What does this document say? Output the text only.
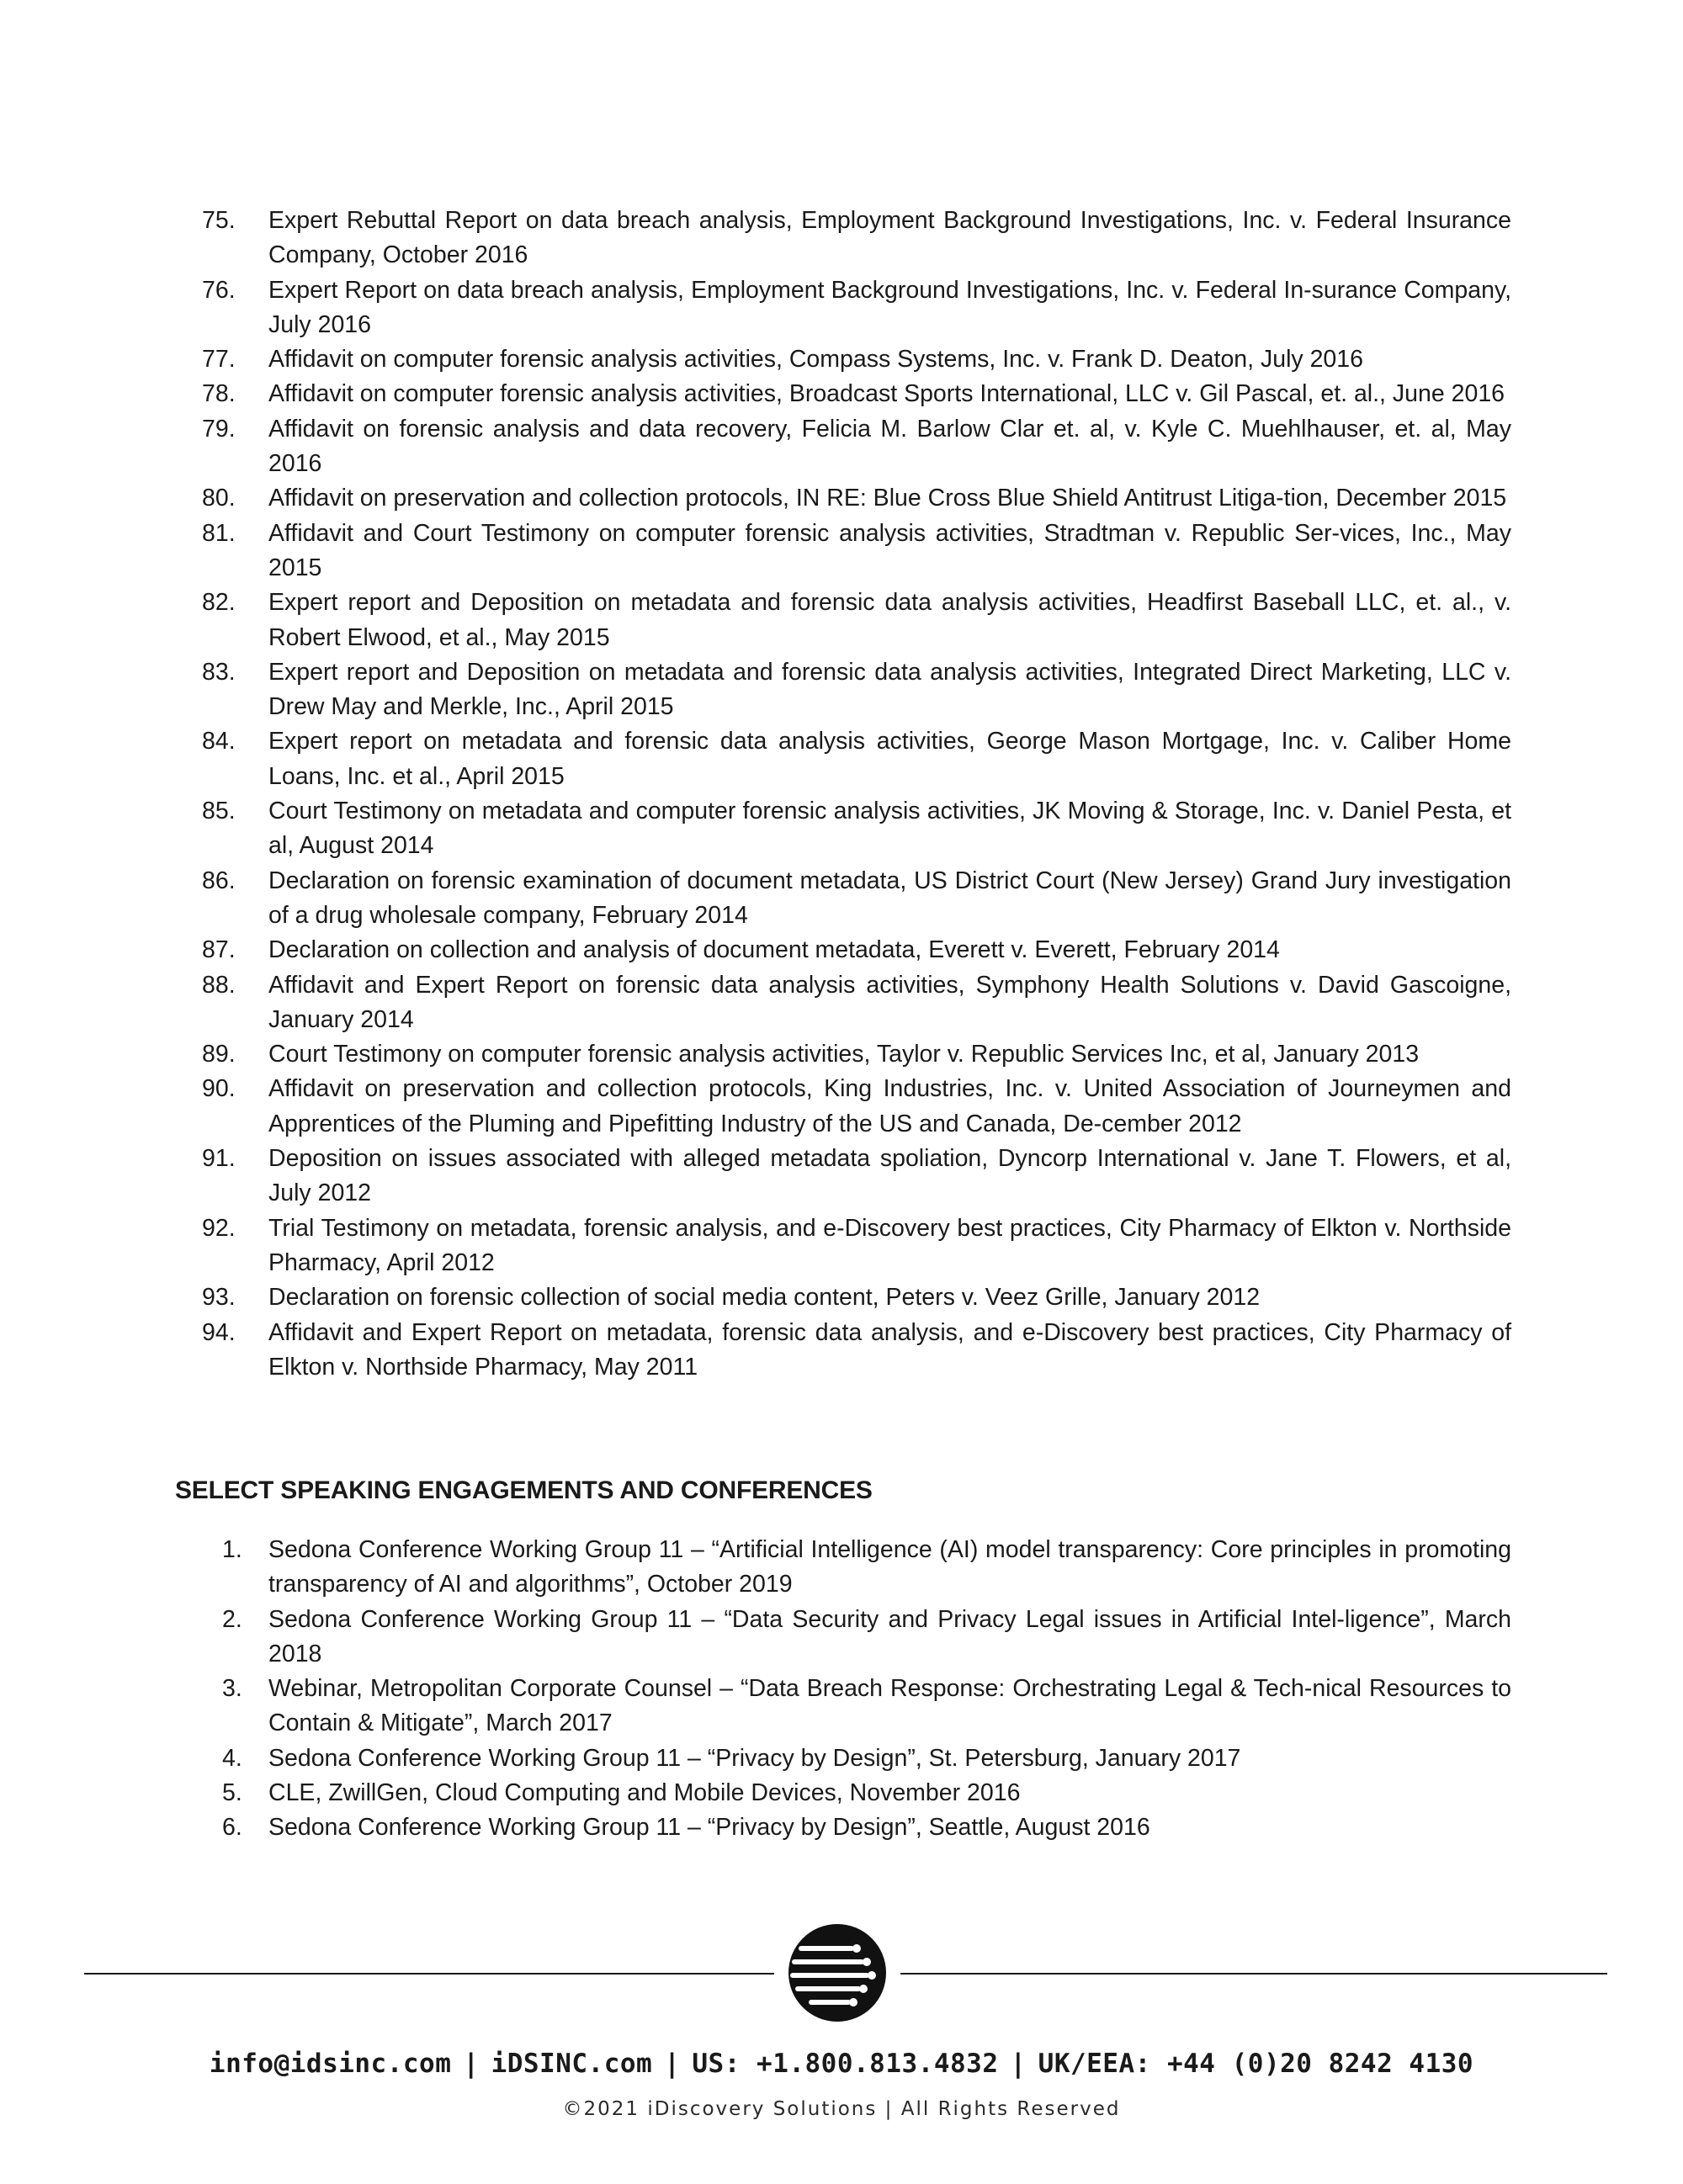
75.	Expert Rebuttal Report on data breach analysis, Employment Background Investigations, Inc. v. Federal Insurance Company, October 2016
76.	Expert Report on data breach analysis, Employment Background Investigations, Inc. v. Federal In-surance Company, July 2016
77.	Affidavit on computer forensic analysis activities, Compass Systems, Inc. v. Frank D. Deaton, July 2016
78.	Affidavit on computer forensic analysis activities, Broadcast Sports International, LLC v. Gil Pascal, et. al., June 2016
79.	Affidavit on forensic analysis and data recovery, Felicia M. Barlow Clar et. al, v. Kyle C. Muehlhauser, et. al, May 2016
80.	Affidavit on preservation and collection protocols, IN RE: Blue Cross Blue Shield Antitrust Litiga-tion, December 2015
81.	Affidavit and Court Testimony on computer forensic analysis activities, Stradtman v. Republic Ser-vices, Inc., May 2015
82.	Expert report and Deposition on metadata and forensic data analysis activities, Headfirst Baseball LLC, et. al., v. Robert Elwood, et al., May 2015
83.	Expert report and Deposition on metadata and forensic data analysis activities, Integrated Direct Marketing, LLC v. Drew May and Merkle, Inc., April 2015
84.	Expert report on metadata and forensic data analysis activities, George Mason Mortgage, Inc. v. Caliber Home Loans, Inc. et al., April 2015
85.	Court Testimony on metadata and computer forensic analysis activities, JK Moving & Storage, Inc. v. Daniel Pesta, et al, August 2014
86.	Declaration on forensic examination of document metadata, US District Court (New Jersey) Grand Jury investigation of a drug wholesale company, February 2014
87.	Declaration on collection and analysis of document metadata, Everett v. Everett, February 2014
88.	Affidavit and Expert Report on forensic data analysis activities, Symphony Health Solutions v. David Gascoigne, January 2014
89.	Court Testimony on computer forensic analysis activities, Taylor v. Republic Services Inc, et al, January 2013
90.	Affidavit on preservation and collection protocols, King Industries, Inc. v. United Association of Journeymen and Apprentices of the Pluming and Pipefitting Industry of the US and Canada, De-cember 2012
91.	Deposition on issues associated with alleged metadata spoliation, Dyncorp International v. Jane T. Flowers, et al, July 2012
92.	Trial Testimony on metadata, forensic analysis, and e-Discovery best practices, City Pharmacy of Elkton v. Northside Pharmacy, April 2012
93.	Declaration on forensic collection of social media content, Peters v. Veez Grille, January 2012
94.	Affidavit and Expert Report on metadata, forensic data analysis, and e-Discovery best practices, City Pharmacy of Elkton v. Northside Pharmacy, May 2011
SELECT SPEAKING ENGAGEMENTS AND CONFERENCES
1.	Sedona Conference Working Group 11 – “Artificial Intelligence (AI) model transparency: Core principles in promoting transparency of AI and algorithms”, October 2019
2.	Sedona Conference Working Group 11 – “Data Security and Privacy Legal issues in Artificial Intel-ligence”, March 2018
3.	Webinar, Metropolitan Corporate Counsel – “Data Breach Response: Orchestrating Legal & Tech-nical Resources to Contain & Mitigate”, March 2017
4.	Sedona Conference Working Group 11 – “Privacy by Design”, St. Petersburg, January 2017
5.	CLE, ZwillGen, Cloud Computing and Mobile Devices, November 2016
6.	Sedona Conference Working Group 11 – “Privacy by Design”, Seattle, August 2016
info@idsinc.com | iDSINC.com | US: +1.800.813.4832 | UK/EEA: +44 (0)20 8242 4130
©2021 iDiscovery Solutions | All Rights Reserved
